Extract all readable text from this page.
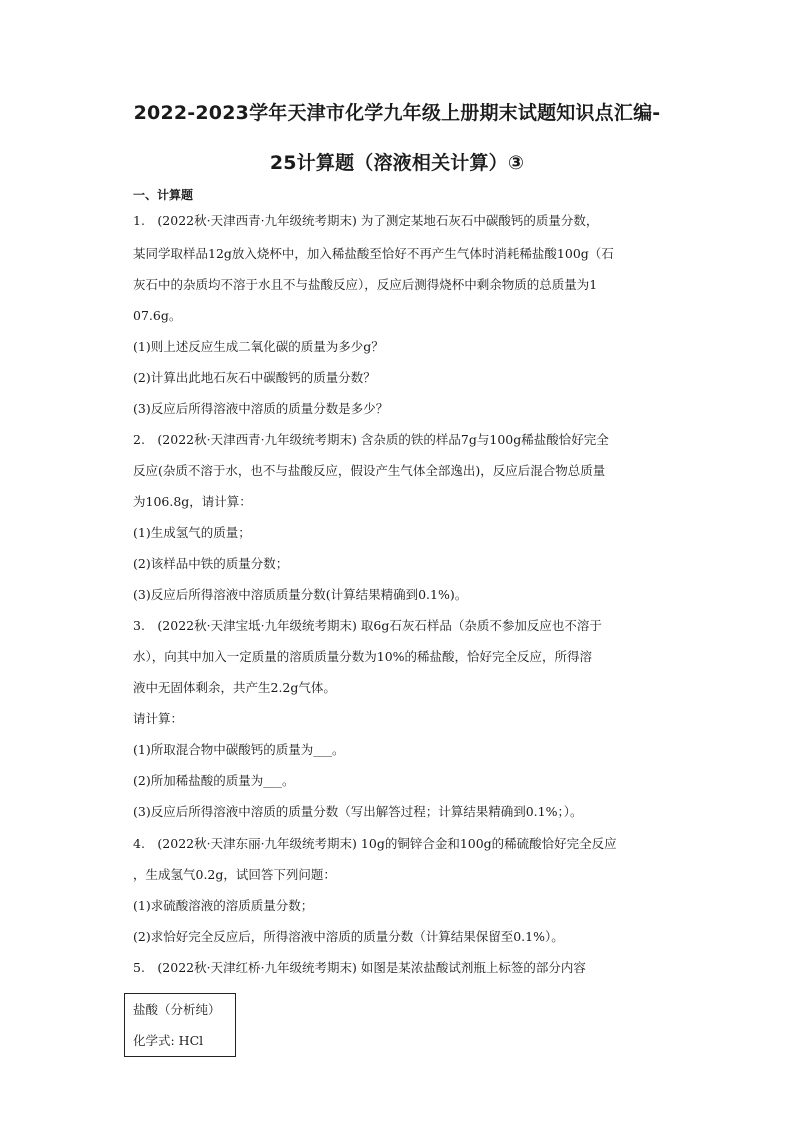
2022-2023学年天津市化学九年级上册期末试题知识点汇编-
25计算题（溶液相关计算）③
一、计算题
1.　(2022秋·天津西青·九年级统考期末) 为了测定某地石灰石中碳酸钙的质量分数，
某同学取样品12g放入烧杯中，加入稀盐酸至恰好不再产生气体时消耗稀盐酸100g（石
灰石中的杂质均不溶于水且不与盐酸反应），反应后测得烧杯中剩余物质的总质量为1
07.6g。
(1)则上述反应生成二氧化碳的质量为多少g？
(2)计算出此地石灰石中碳酸钙的质量分数？
(3)反应后所得溶液中溶质的质量分数是多少？
2.　(2022秋·天津西青·九年级统考期末) 含杂质的铁的样品7g与100g稀盐酸恰好完全
反应(杂质不溶于水，也不与盐酸反应，假设产生气体全部逸出)，反应后混合物总质量
为106.8g，请计算：
(1)生成氢气的质量；
(2)该样品中铁的质量分数；
(3)反应后所得溶液中溶质质量分数(计算结果精确到0.1%)。
3.　(2022秋·天津宝坻·九年级统考期末) 取6g石灰石样品（杂质不参加反应也不溶于
水），向其中加入一定质量的溶质质量分数为10%的稀盐酸，恰好完全反应，所得溶
液中无固体剩余，共产生2.2g气体。
请计算：
(1)所取混合物中碳酸钙的质量为___。
(2)所加稀盐酸的质量为___。
(3)反应后所得溶液中溶质的质量分数（写出解答过程；计算结果精确到0.1%；）。
4.　(2022秋·天津东丽·九年级统考期末) 10g的铜锌合金和100g的稀硫酸恰好完全反应
，生成氢气0.2g，试回答下列问题：
(1)求硫酸溶液的溶质质量分数；
(2)求恰好完全反应后，所得溶液中溶质的质量分数（计算结果保留至0.1%）。
5.　(2022秋·天津红桥·九年级统考期末) 如图是某浓盐酸试剂瓶上标签的部分内容
盐酸（分析纯）
化学式: HCl
